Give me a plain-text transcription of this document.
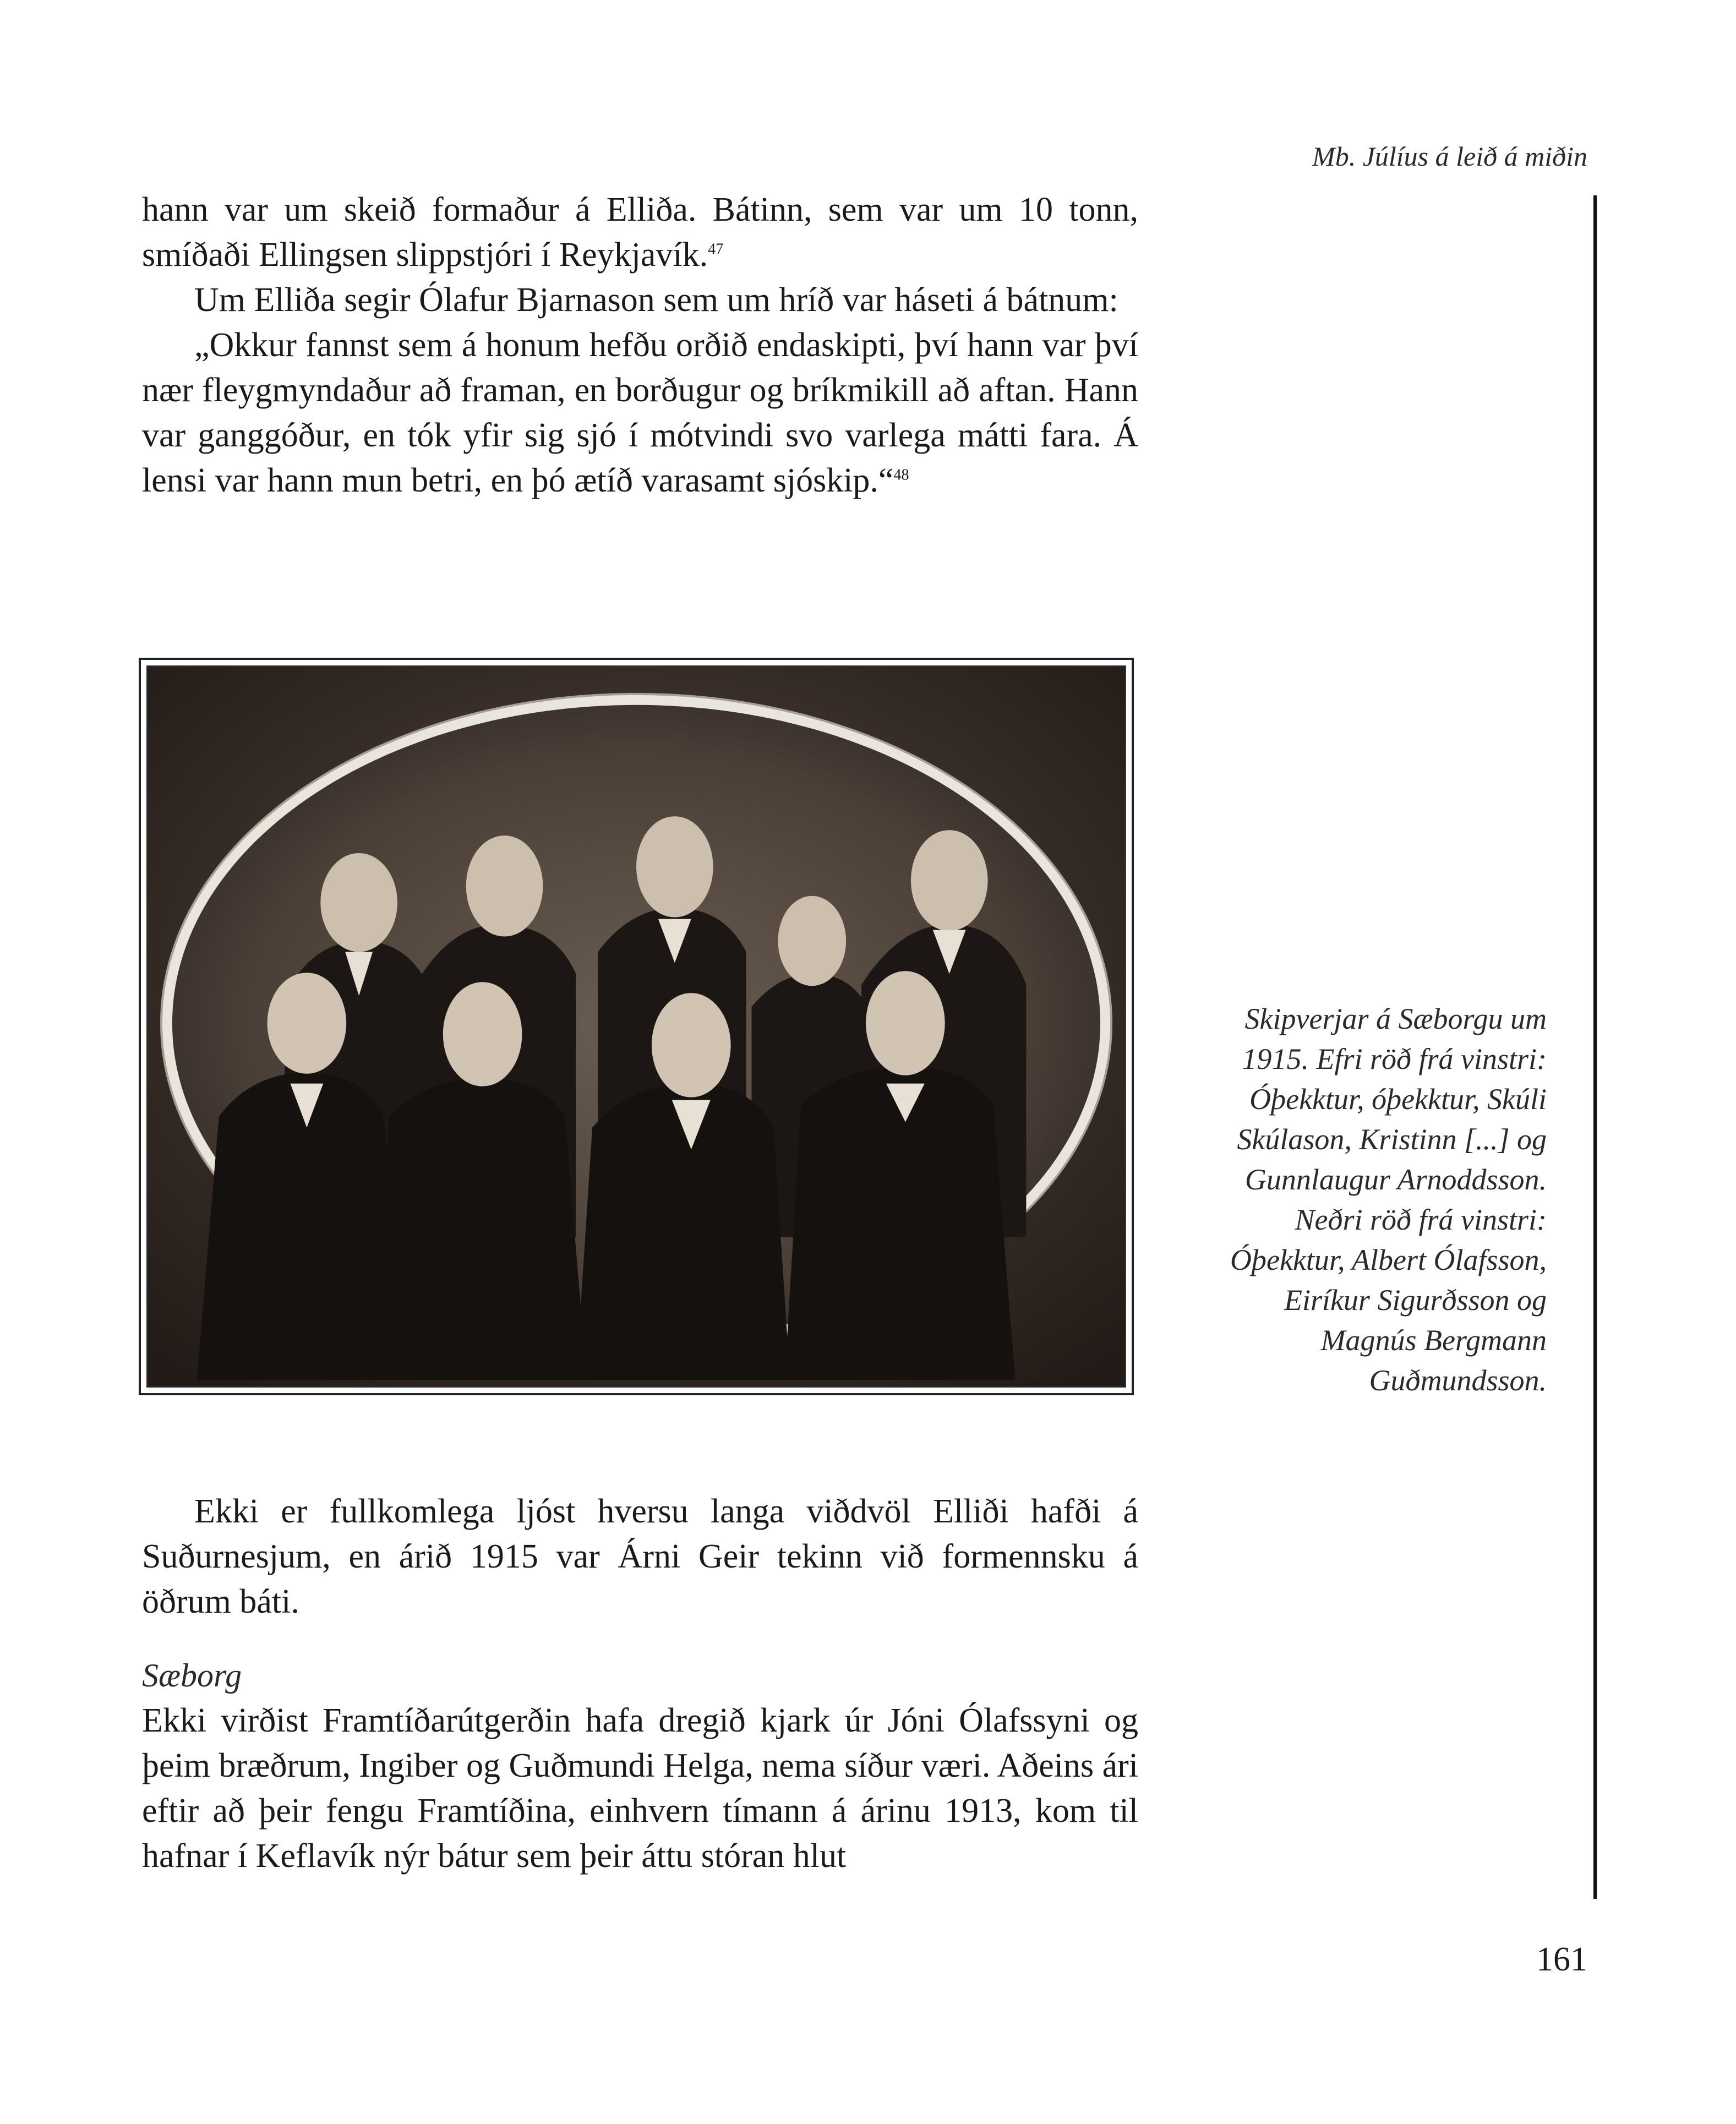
Mb. Júlíus á leið á miðin

hann var um skeið formaður á Elliða. Bátinn, sem var um 10 tonn, smíðaði Ellingsen slippstjóri í Reykjavík.$^{47}$

Um Elliða segir Ólafur Bjarnason sem um hríð var háseti á bátnum:

„Okkur fannst sem á honum hefðu orðið endaskipti, því hann var því nær fleygmyndaður að framan, en borðugur og bríkmikill að aftan. Hann var ganggóður, en tók yfir sig sjó í mótvindi svo varlega mátti fara. Á lensi var hann mun betri, en þó ætíð varasamt sjóskip.“$^{48}$

Skipverjar á Sæborgu um 1915. Efri röð frá vinstri: Óþekktur, óþekktur, Skúli Skúlason, Kristinn [...] og Gunnlaugur Arnoddsson. Neðri röð frá vinstri: Óþekktur, Albert Ólafsson, Eiríkur Sigurðsson og Magnús Bergmann Guðmundsson.

Ekki er fullkomlega ljóst hversu langa viðdvöl Elliði hafði á Suðurnesjum, en árið 1915 var Árni Geir tekinn við formennsku á öðrum báti.

Sæborg

Ekki virðist Framtíðarútgerðin hafa dregið kjark úr Jóni Ólafssyni og þeim bræðrum, Ingiber og Guðmundi Helga, nema síður væri. Aðeins ári eftir að þeir fengu Framtíðina, einhvern tímann á árinu 1913, kom til hafnar í Keflavík nýr bátur sem þeir áttu stóran hlut

161
